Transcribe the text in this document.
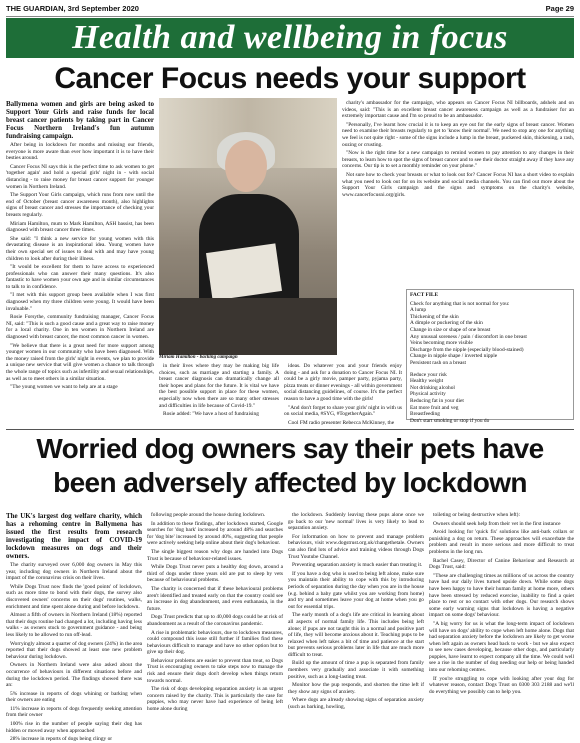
THE GUARDIAN, 3rd September 2020	Page 29
Health and wellbeing in focus
Cancer Focus needs your support

Ballymena women and girls are being asked to Support Your Girls and raise funds for local breast cancer patients by taking part in Cancer Focus Northern Ireland's fun autumn fundraising campaign.

After being in lockdown for months and missing our friends, everyone is more aware than ever how important it is to have their besties around.

Cancer Focus NI says this is the perfect time to ask women to get 'together again' and hold a special girls' night in - with social distancing - to raise money for breast cancer support for younger women in Northern Ireland.

The Support Your Girls campaign, which runs from now until the end of October (breast cancer awareness month), also highlights signs of breast cancer and stresses the importance of checking your breasts regularly.

Miriam Hamilton, mum to Mark Hamilton, ASH bassist, has been diagnosed with breast cancer three times.

She said: "I think a new service for young women with this devastating disease is an inspirational idea. Young women have their own special set of issues to deal with and may have young children to look after during their illness.

"It would be excellent for them to have access to experienced professionals who can answer their many questions. It's also fantastic to have women your own age and in similar circumstances to talk to in confidence.

"I met with this support group been available when I was first diagnosed when my three children were young. It would have been invaluable."

Rosie Forsythe, community fundraising manager, Cancer Focus NI, said: "This is such a good cause and a great way to raise money for a local charity. One in ten women in Northern Ireland are diagnosed with breast cancer, the most common cancer in women.

"We believe that there is a great need for more support among younger women in our community who have been diagnosed. With the money raised from the girls' night in events, we plan to provide a unique new service that will give women a chance to talk through the whole range of topics such as infertility and sexual relationships, as well as to meet others in a similar situation.

"The young women we want to help are at a stage

Miriam Hamilton - backing campaign

in their lives where they may be making big life choices, such as marriage and starting a family. A breast cancer diagnosis can dramatically change all their hopes and plans for the future. It is vital we have the best possible support in place for these women, especially now when there are so many other stresses and difficulties in life because of Covid-19."

Rosie added: "We have a host of fundraising

ideas. Do whatever you and your friends enjoy doing - and ask for a donation to Cancer Focus NI. It could be a girly movie, pamper party, pyjama party, pizza treats or dinner evenings - all within government social distancing guidelines, of course. It's the perfect reason to have a good time with the girls!

"And don't forget to share your girls' night in with us on social media, #SYG, #TogetherAgain."

Cool FM radio presenter Rebecca McKinney, the

charity's ambassador for the campaign, who appears on Cancer Focus NI billboards, adshels and on videos, said: "This is an excellent breast cancer awareness campaign as well as a fundraiser for an extremely important cause and I'm so proud to be an ambassador.

"Personally, I've learnt how crucial it is to keep an eye out for the early signs of breast cancer. Women need to examine their breasts regularly to get to 'know their normal'. We need to stop any one for anything we feel is not quite right - some of the signs include a lump in the breast, puckered skin, thickening, a rash, oozing or crusting.

"Now is the right time for a new campaign to remind women to pay attention to any changes in their breasts, to learn how to spot the signs of breast cancer and to see their doctor straight away if they have any concerns. Our tip is to set a monthly reminder on your phone."

Not sure how to check your breasts or what to look out for? Cancer Focus NI has a short video to explain what you need to look out for on its website and social media channels. You can find out more about the Support Your Girls campaign and the signs and symptoms on the charity's website, www.cancerfocusni.org/girls.

FACT FILE
Check for anything that is not normal for you:
A lump
Thickening of the skin
A dimple or puckering of the skin
Change in size or shape of one breast
Any unusual soreness / pain / discomfort in one breast
Veins becoming more visible
Discharge from the nipple (especially blood-stained)
Change in nipple shape / inverted nipple
Persistent rash on a breast
Reduce your risk
Healthy weight
Not drinking alcohol
Physical activity
Reducing fat in your diet
Eat more fruit and veg
Breastfeeding
Don't start smoking or stop if you do
Worried dog owners say their pets have been adversely affected by lockdown

The UK's largest dog welfare charity, which has a rehoming centre in Ballymena has issued the first results from research investigating the impact of COVID-19 lockdown measures on dogs and their owners.

The charity surveyed over 6,000 dog owners in May this year, including dog owners in Northern Ireland about the impact of the coronavirus crisis on their lives.

While Dogs Trust now finds the 'good points' of lockdown, such as more time to bond with their dogs, the survey also discovered owners' concerns on their dogs' routines, walks, enrichment and time spent alone during and before lockdown.

Almost a fifth of owners in Northern Ireland (18%) reported that their dogs routine had changed a lot, including having less walks - as owners stuck to government guidance - and being less likely to be allowed to run off-lead.

Worryingly almost a quarter of dog owners (24%) in the area reported that their dogs showed at least one new problem behaviour during lockdown.

Owners in Northern Ireland were also asked about the occurrence of behaviours in different situations before and during the lockdown period. The findings showed there was an:

5% increase in reports of dogs whining or barking when their owners are eating

11% increase in reports of dogs frequently seeking attention from their owner

100% rise in the number of people saying their dog has hidden or moved away when approached

28% increase in reports of dogs being clingy or

following people around the house during lockdown.

In addition to these findings, after lockdown started, Google searches for 'dog bark' increased by around 48% and searches for 'dog bite' increased by around 40%, suggesting that people were actively seeking help online about their dog's behaviour.

The single biggest reason why dogs are handed into Dogs Trust is because of behaviour-related issues.

While Dogs Trust never puts a healthy dog down, around a third of dogs under three years old are put to sleep by vets because of behavioural problems.

The charity is concerned that if these behavioural problems aren't identified and treated early on that the country could see an increase in dog abandonment, and even euthanasia, in the future.

Dogs Trust predicts that up to 40,000 dogs could be at risk of abandonment as a result of the coronavirus pandemic.

A rise in problematic behaviours, due to lockdown measures, could compound this issue still further if families find these behaviours difficult to manage and have no other option but to give up their dog.

Behaviour problems are easier to prevent than treat, so Dogs Trust is encouraging owners to take steps now to manage the risk and ensure their dogs don't develop when things return towards normal.

The risk of dogs developing separation anxiety is an urgent concern raised by the charity. This is particularly the case for puppies, who may never have had experience of being left home alone during

the lockdown. Suddenly leaving these pups alone once we go back to our 'new normal' lives is very likely to lead to separation anxiety.

For information on how to prevent and manage problem behaviours, visit www.dogstrust.org.uk/changethetale. Owners can also find lots of advice and training videos through Dogs Trust Youtube Channel.

Preventing separation anxiety is much easier than treating it.

If you have a dog who is used to being left alone, make sure you maintain their ability to cope with this by introducing periods of separation during the day when you are in the house (e.g. behind a baby gate whilst you are working from home) and try and sometimes leave your dog at home when you go out for essential trips.

The early month of a dog's life are critical in learning about all aspects of normal family life. This includes being left alone; if pups are not taught this in a normal and positive part of life, they will become anxious about it. Teaching pups to be relaxed when left takes a bit of time and patience at the start but prevents serious problems later in life that are much more difficult to treat.

Build up the amount of time a pup is separated from family members very gradually and associate it with something positive, such as a long-lasting treat.

Monitor how the pup responds, and shorten the time left if they show any signs of anxiety.

Where dogs are already showing signs of separation anxiety (such as barking, howling,

toileting or being destructive when left):

Owners should seek help from their vet in the first instance

Avoid looking for 'quick fix' solutions like anti-bark collars or punishing a dog on return. These approaches will exacerbate the problem and result in more serious and more difficult to treat problems in the long run.

Rachel Casey, Director of Canine Behaviour and Research at Dogs Trust, said:

"These are challenging times as millions of us across the country have had our daily lives turned upside down. While some dogs have been happy to have their human family at home more, others have been stressed by reduced exercise, inability to find a quiet place to rest or no contact with other dogs. Our research shows some early warning signs that lockdown is having a negative impact on some dogs' behaviour.

"A big worry for us is what the long-term impact of lockdown will have on dogs' ability to cope when left home alone. Dogs that had separation anxiety before the lockdown are likely to get worse when left again as owners head back to work - but we also expect to see new cases developing, because other dogs, and particularly puppies, have learnt to expect company all the time. We could well see a rise in the number of dog needing our help or being handed into our rehoming centres.

If you're struggling to cope with looking after your dog for whatever reason, contact Dogs Trust on 0300 303 2188 and we'll do everything we possibly can to help you.
